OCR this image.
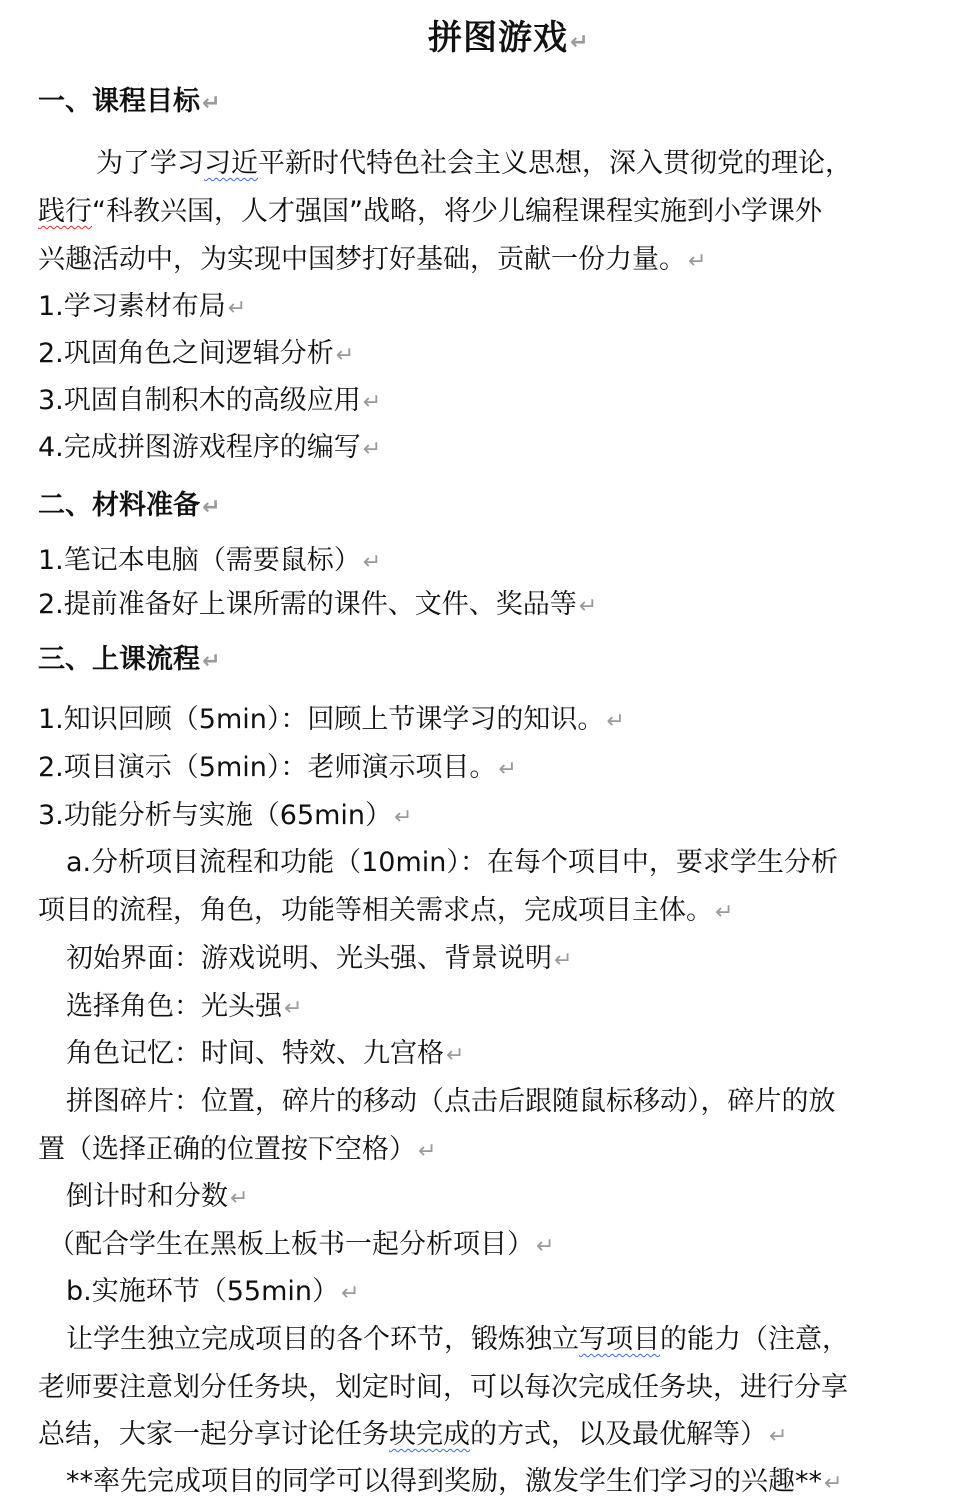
拼图游戏↵
一、课程目标↵
为了学习习近平新时代特色社会主义思想，深入贯彻党的理论，
践行“科教兴国，人才强国”战略，将少儿编程课程实施到小学课外
兴趣活动中，为实现中国梦打好基础，贡献一份力量。↵
1.学习素材布局↵
2.巩固角色之间逻辑分析↵
3.巩固自制积木的高级应用↵
4.完成拼图游戏程序的编写↵
二、材料准备↵
1.笔记本电脑（需要鼠标）↵
2.提前准备好上课所需的课件、文件、奖品等↵
三、上课流程↵
1.知识回顾（5min）：回顾上节课学习的知识。↵
2.项目演示（5min）：老师演示项目。↵
3.功能分析与实施（65min）↵
a.分析项目流程和功能（10min）：在每个项目中，要求学生分析
项目的流程，角色，功能等相关需求点，完成项目主体。↵
初始界面：游戏说明、光头强、背景说明↵
选择角色：光头强↵
角色记忆：时间、特效、九宫格↵
拼图碎片：位置，碎片的移动（点击后跟随鼠标移动），碎片的放
置（选择正确的位置按下空格）↵
倒计时和分数↵
（配合学生在黑板上板书一起分析项目）↵
b.实施环节（55min）↵
让学生独立完成项目的各个环节，锻炼独立写项目的能力（注意，
老师要注意划分任务块，划定时间，可以每次完成任务块，进行分享
总结，大家一起分享讨论任务块完成的方式，以及最优解等）↵
**率先完成项目的同学可以得到奖励，激发学生们学习的兴趣**↵
